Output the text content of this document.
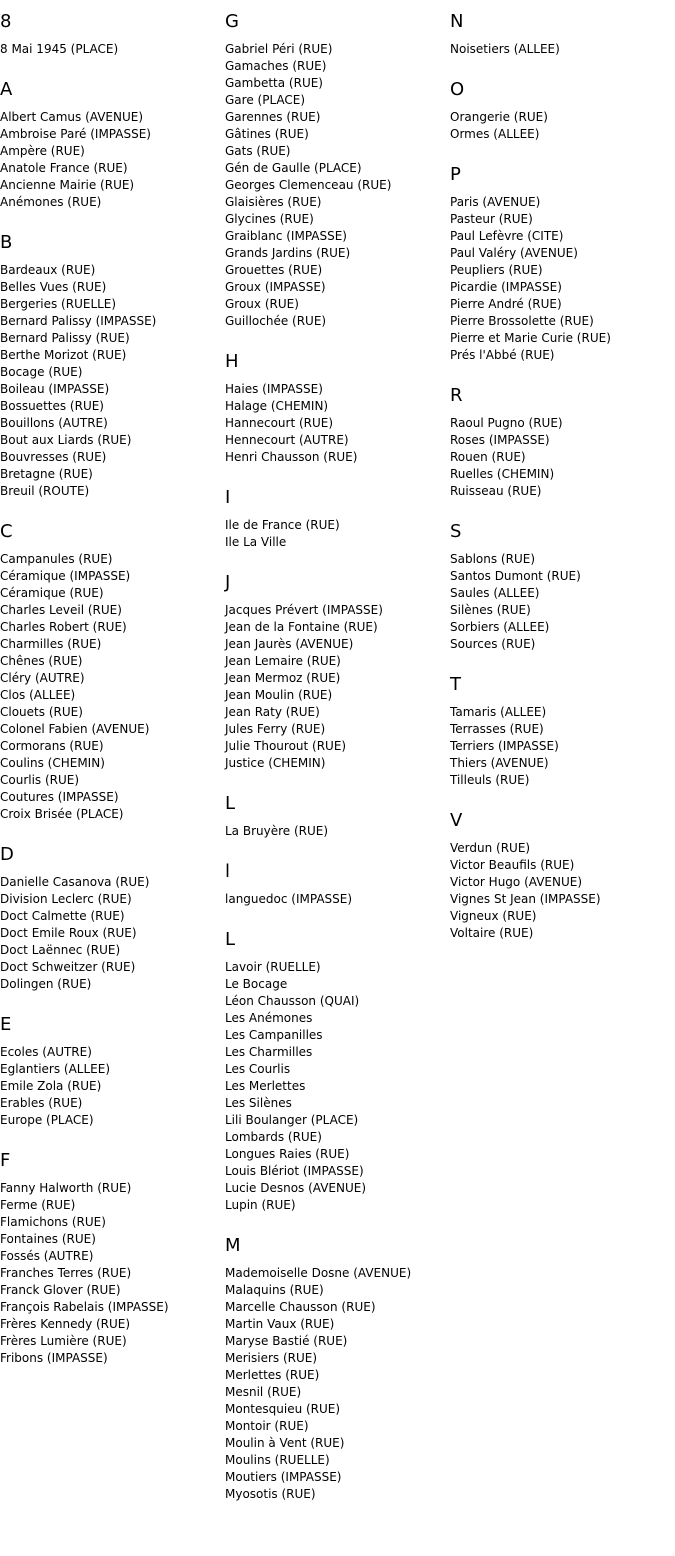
8
8 Mai 1945 (PLACE)
A
Albert Camus (AVENUE)
Ambroise Paré (IMPASSE)
Ampère (RUE)
Anatole France (RUE)
Ancienne Mairie (RUE)
Anémones (RUE)
B
Bardeaux (RUE)
Belles Vues (RUE)
Bergeries (RUELLE)
Bernard Palissy (IMPASSE)
Bernard Palissy (RUE)
Berthe Morizot (RUE)
Bocage (RUE)
Boileau (IMPASSE)
Bossuettes (RUE)
Bouillons (AUTRE)
Bout aux Liards (RUE)
Bouvresses (RUE)
Bretagne (RUE)
Breuil (ROUTE)
C
Campanules (RUE)
Céramique (IMPASSE)
Céramique (RUE)
Charles Leveil (RUE)
Charles Robert (RUE)
Charmilles (RUE)
Chênes (RUE)
Cléry (AUTRE)
Clos (ALLEE)
Clouets (RUE)
Colonel Fabien (AVENUE)
Cormorans (RUE)
Coulins (CHEMIN)
Courlis (RUE)
Coutures (IMPASSE)
Croix Brisée (PLACE)
D
Danielle Casanova (RUE)
Division Leclerc (RUE)
Doct Calmette (RUE)
Doct Emile Roux (RUE)
Doct Laënnec (RUE)
Doct Schweitzer (RUE)
Dolingen (RUE)
E
Ecoles (AUTRE)
Eglantiers (ALLEE)
Emile Zola (RUE)
Erables (RUE)
Europe (PLACE)
F
Fanny Halworth (RUE)
Ferme (RUE)
Flamichons (RUE)
Fontaines (RUE)
Fossés (AUTRE)
Franches Terres (RUE)
Franck Glover (RUE)
François Rabelais (IMPASSE)
Frères Kennedy (RUE)
Frères Lumière (RUE)
Fribons (IMPASSE)
G
Gabriel Péri (RUE)
Gamaches (RUE)
Gambetta (RUE)
Gare (PLACE)
Garennes (RUE)
Gâtines (RUE)
Gats (RUE)
Gén de Gaulle (PLACE)
Georges Clemenceau (RUE)
Glaisières (RUE)
Glycines (RUE)
Graiblanc (IMPASSE)
Grands Jardins (RUE)
Grouettes (RUE)
Groux (IMPASSE)
Groux (RUE)
Guillochée (RUE)
H
Haies (IMPASSE)
Halage (CHEMIN)
Hannecourt (RUE)
Hennecourt (AUTRE)
Henri Chausson (RUE)
I
Ile de France (RUE)
Ile La Ville
J
Jacques Prévert (IMPASSE)
Jean de la Fontaine (RUE)
Jean Jaurès (AVENUE)
Jean Lemaire (RUE)
Jean Mermoz (RUE)
Jean Moulin (RUE)
Jean Raty (RUE)
Jules Ferry (RUE)
Julie Thourout (RUE)
Justice (CHEMIN)
L
La Bruyère (RUE)
l
languedoc (IMPASSE)
L
Lavoir (RUELLE)
Le Bocage
Léon Chausson (QUAI)
Les Anémones
Les Campanilles
Les Charmilles
Les Courlis
Les Merlettes
Les Silènes
Lili Boulanger (PLACE)
Lombards (RUE)
Longues Raies (RUE)
Louis Blériot (IMPASSE)
Lucie Desnos (AVENUE)
Lupin (RUE)
M
Mademoiselle Dosne (AVENUE)
Malaquins (RUE)
Marcelle Chausson (RUE)
Martin Vaux (RUE)
Maryse Bastié (RUE)
Merisiers (RUE)
Merlettes (RUE)
Mesnil (RUE)
Montesquieu (RUE)
Montoir (RUE)
Moulin à Vent (RUE)
Moulins (RUELLE)
Moutiers (IMPASSE)
Myosotis (RUE)
N
Noisetiers (ALLEE)
O
Orangerie (RUE)
Ormes (ALLEE)
P
Paris (AVENUE)
Pasteur (RUE)
Paul Lefèvre (CITE)
Paul Valéry (AVENUE)
Peupliers (RUE)
Picardie (IMPASSE)
Pierre André (RUE)
Pierre Brossolette (RUE)
Pierre et Marie Curie (RUE)
Prés l'Abbé (RUE)
R
Raoul Pugno (RUE)
Roses (IMPASSE)
Rouen (RUE)
Ruelles (CHEMIN)
Ruisseau (RUE)
S
Sablons (RUE)
Santos Dumont (RUE)
Saules (ALLEE)
Silènes (RUE)
Sorbiers (ALLEE)
Sources (RUE)
T
Tamaris (ALLEE)
Terrasses (RUE)
Terriers (IMPASSE)
Thiers (AVENUE)
Tilleuls (RUE)
V
Verdun (RUE)
Victor Beaufils (RUE)
Victor Hugo (AVENUE)
Vignes St Jean (IMPASSE)
Vigneux (RUE)
Voltaire (RUE)
